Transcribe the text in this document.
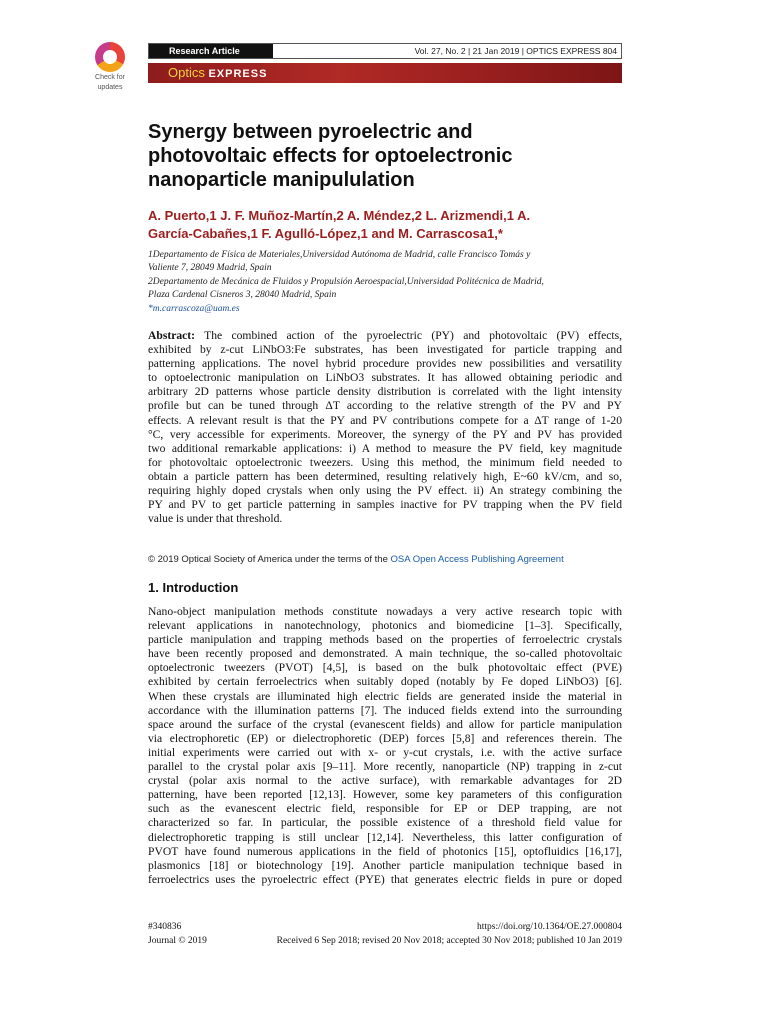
Check for
updates
Research Article	Vol. 27, No. 2 | 21 Jan 2019 | OPTICS EXPRESS 804
Optics EXPRESS
Synergy between pyroelectric and
photovoltaic effects for optoelectronic
nanoparticle manipululation
A. Puerto,1 J. F. Muñoz-Martín,2 A. Méndez,2 L. Arizmendi,1 A.
García-Cabañes,1 F. Agulló-López,1 and M. Carrascosa1,*
1Departamento de Física de Materiales,Universidad Autónoma de Madrid, calle Francisco Tomás y
Valiente 7, 28049 Madrid, Spain
2Departamento de Mecánica de Fluidos y Propulsión Aeroespacial,Universidad Politécnica de Madrid,
Plaza Cardenal Cisneros 3, 28040 Madrid, Spain
*m.carrascoza@uam.es
Abstract: The combined action of the pyroelectric (PY) and photovoltaic (PV) effects,
exhibited by z-cut LiNbO3:Fe substrates, has been investigated for particle trapping and
patterning applications. The novel hybrid procedure provides new possibilities and versatility
to optoelectronic manipulation on LiNbO3 substrates. It has allowed obtaining periodic and
arbitrary 2D patterns whose particle density distribution is correlated with the light intensity
profile but can be tuned through ΔT according to the relative strength of the PV and PY
effects. A relevant result is that the PY and PV contributions compete for a ΔT range of 1-20
°C, very accessible for experiments. Moreover, the synergy of the PY and PV has provided
two additional remarkable applications: i) A method to measure the PV field, key magnitude
for photovoltaic optoelectronic tweezers. Using this method, the minimum field needed to
obtain a particle pattern has been determined, resulting relatively high, E~60 kV/cm, and so,
requiring highly doped crystals when only using the PV effect. ii) An strategy combining the
PY and PV to get particle patterning in samples inactive for PV trapping when the PV field
value is under that threshold.
© 2019 Optical Society of America under the terms of the OSA Open Access Publishing Agreement
1. Introduction
Nano-object manipulation methods constitute nowadays a very active research topic with
relevant applications in nanotechnology, photonics and biomedicine [1–3]. Specifically,
particle manipulation and trapping methods based on the properties of ferroelectric crystals
have been recently proposed and demonstrated. A main technique, the so-called photovoltaic
optoelectronic tweezers (PVOT) [4,5], is based on the bulk photovoltaic effect (PVE)
exhibited by certain ferroelectrics when suitably doped (notably by Fe doped LiNbO3) [6].
When these crystals are illuminated high electric fields are generated inside the material in
accordance with the illumination patterns [7]. The induced fields extend into the surrounding
space around the surface of the crystal (evanescent fields) and allow for particle manipulation
via electrophoretic (EP) or dielectrophoretic (DEP) forces [5,8] and references therein. The
initial experiments were carried out with x- or y-cut crystals, i.e. with the active surface
parallel to the crystal polar axis [9–11]. More recently, nanoparticle (NP) trapping in z-cut
crystal (polar axis normal to the active surface), with remarkable advantages for 2D
patterning, have been reported [12,13]. However, some key parameters of this configuration
such as the evanescent electric field, responsible for EP or DEP trapping, are not
characterized so far. In particular, the possible existence of a threshold field value for
dielectrophoretic trapping is still unclear [12,14]. Nevertheless, this latter configuration of
PVOT have found numerous applications in the field of photonics [15], optofluidics [16,17],
plasmonics [18] or biotechnology [19]. Another particle manipulation technique based in
ferroelectrics uses the pyroelectric effect (PYE) that generates electric fields in pure or doped
#340836
Journal © 2019
https://doi.org/10.1364/OE.27.000804
Received 6 Sep 2018; revised 20 Nov 2018; accepted 30 Nov 2018; published 10 Jan 2019
